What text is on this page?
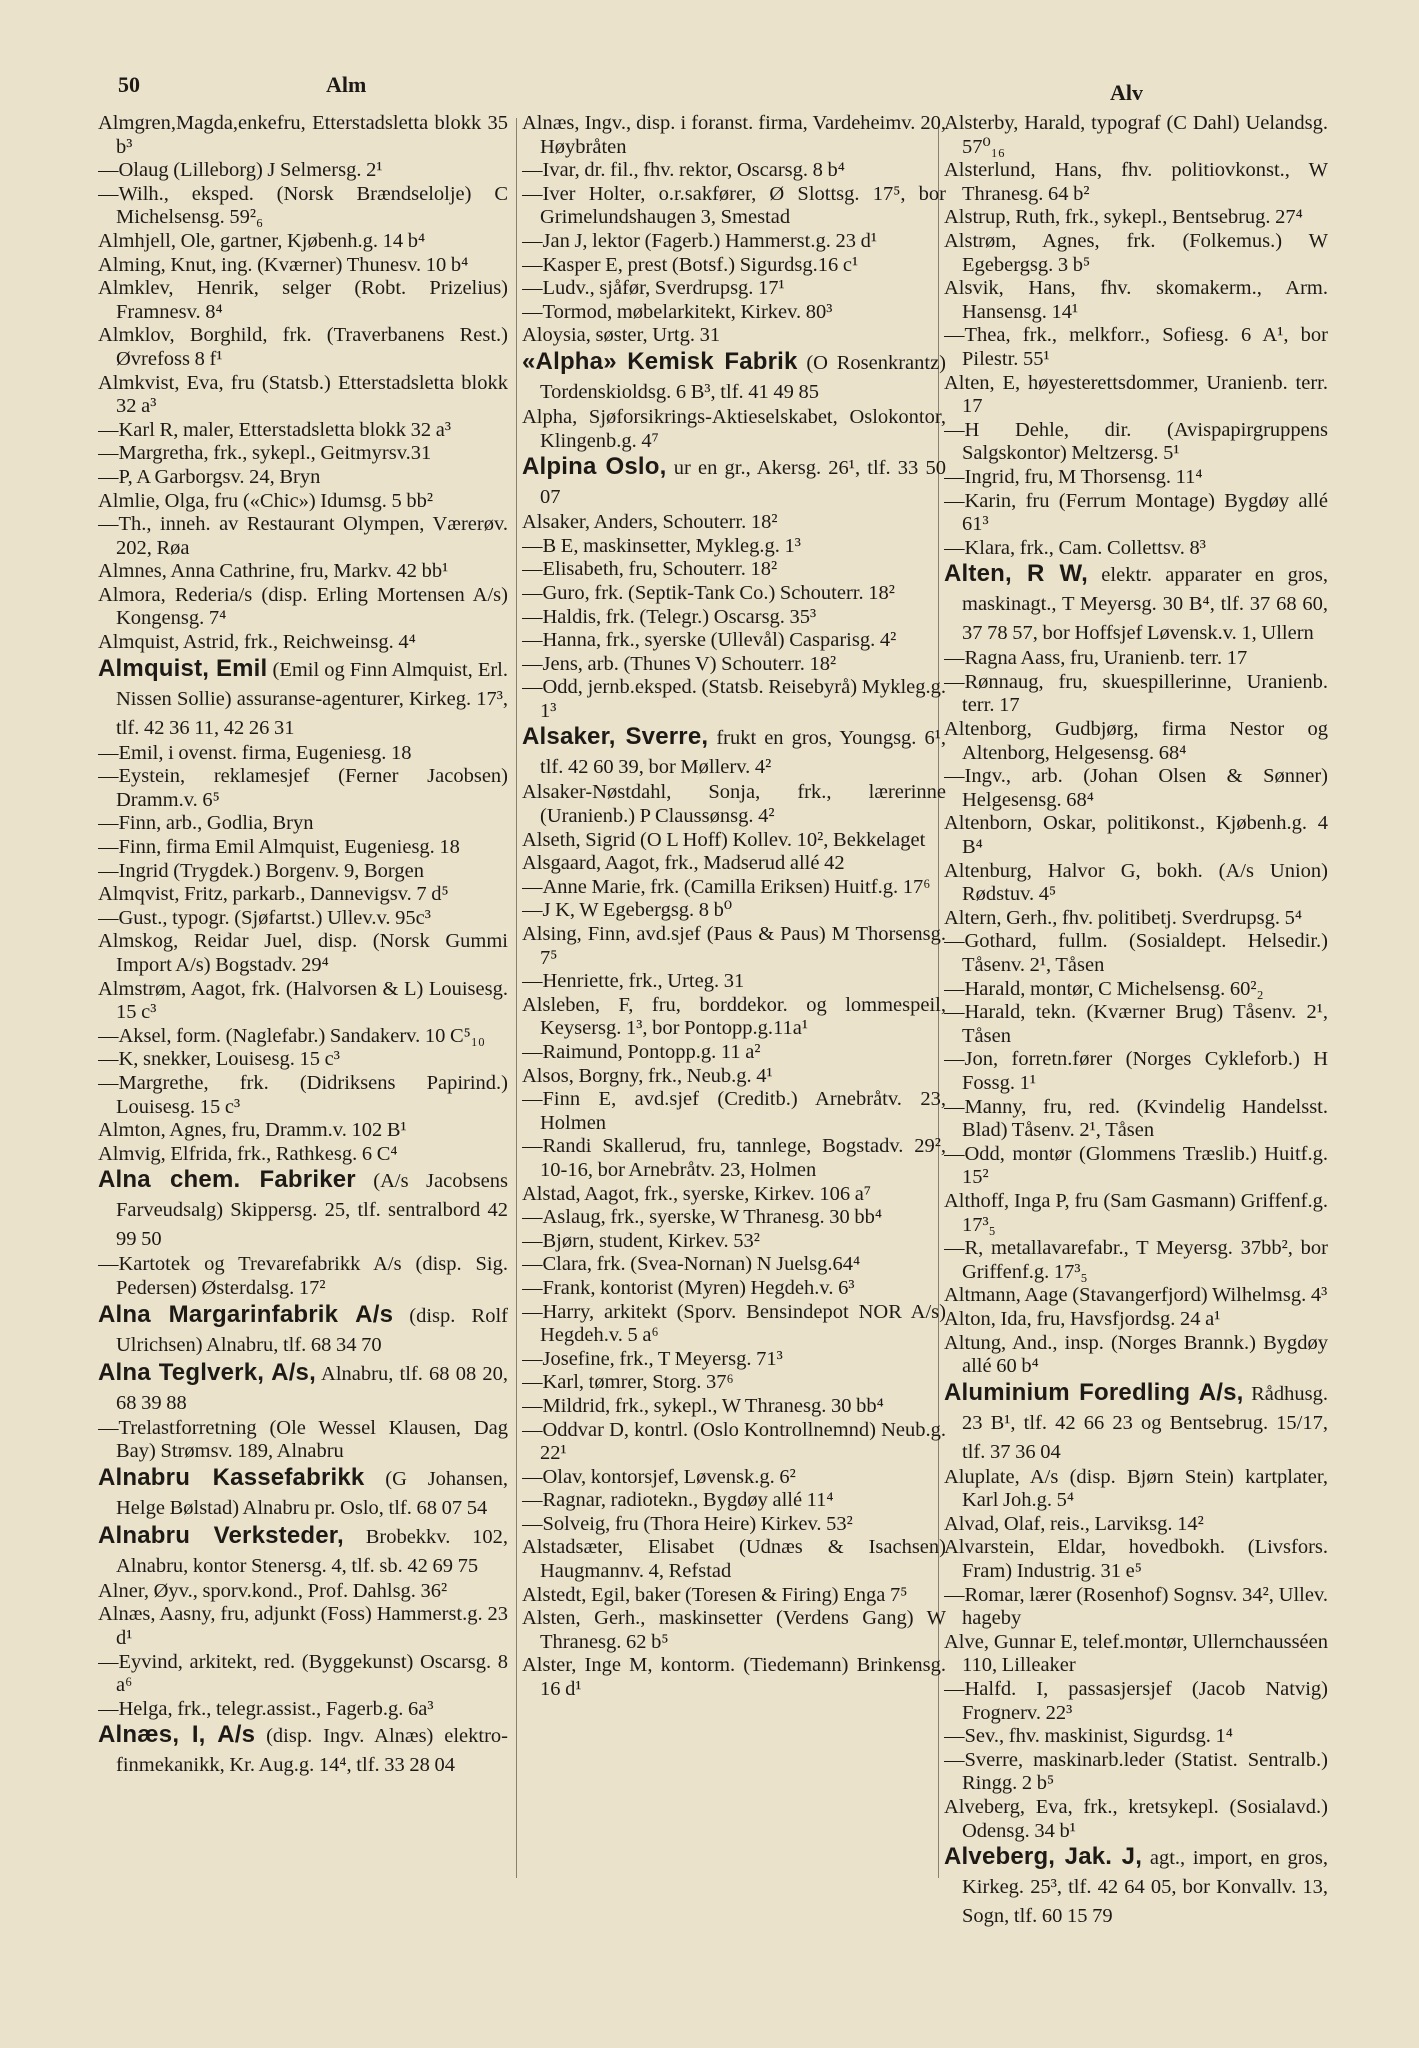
50	Alm	Alv

Almgren,Magda,enkefru, Etterstadsletta blokk 35 b³

—Olaug (Lilleborg) J Selmersg. 2¹

—Wilh., eksped. (Norsk Brændselolje) C Michelsensg. 59²₆

Almhjell, Ole, gartner, Kjøbenh.g. 14 b⁴

Alming, Knut, ing. (Kværner) Thunesv. 10 b⁴

Almklev, Henrik, selger (Robt. Prizelius) Framnesv. 8⁴

Almklov, Borghild, frk. (Traverbanens Rest.) Øvrefoss 8 f¹

Almkvist, Eva, fru (Statsb.) Etterstadsletta blokk 32 a³

—Karl R, maler, Etterstadsletta blokk 32 a³

—Margretha, frk., sykepl., Geitmyrsv.31

—P, A Garborgsv. 24, Bryn

Almlie, Olga, fru («Chic») Idumsg. 5 bb²

—Th., inneh. av Restaurant Olympen, Værerøv. 202, Røa

Almnes, Anna Cathrine, fru, Markv. 42 bb¹

Almora, Rederia/s (disp. Erling Mortensen A/s) Kongensg. 7⁴

Almquist, Astrid, frk., Reichweinsg. 4⁴

Almquist, Emil (Emil og Finn Almquist, Erl. Nissen Sollie) assuranse-agenturer, Kirkeg. 17³, tlf. 42 36 11, 42 26 31

—Emil, i ovenst. firma, Eugeniesg. 18

—Eystein, reklamesjef (Ferner Jacobsen) Dramm.v. 6⁵

—Finn, arb., Godlia, Bryn

—Finn, firma Emil Almquist, Eugeniesg. 18

—Ingrid (Trygdek.) Borgenv. 9, Borgen

Almqvist, Fritz, parkarb., Dannevigsv. 7 d⁵

—Gust., typogr. (Sjøfartst.) Ullev.v. 95c³

Almskog, Reidar Juel, disp. (Norsk Gummi Import A/s) Bogstadv. 29⁴

Almstrøm, Aagot, frk. (Halvorsen & L) Louisesg. 15 c³

—Aksel, form. (Naglefabr.) Sandakerv. 10 C⁵₁₀

—K, snekker, Louisesg. 15 c³

—Margrethe, frk. (Didriksens Papirind.) Louisesg. 15 c³

Almton, Agnes, fru, Dramm.v. 102 B¹

Almvig, Elfrida, frk., Rathkesg. 6 C⁴

Alna chem. Fabriker (A/s Jacobsens Farveudsalg) Skippersg. 25, tlf. sentralbord 42 99 50

—Kartotek og Trevarefabrikk A/s (disp. Sig. Pedersen) Østerdalsg. 17²

Alna Margarinfabrik A/s (disp. Rolf Ulrichsen) Alnabru, tlf. 68 34 70

Alna Teglverk, A/s, Alnabru, tlf. 68 08 20, 68 39 88

—Trelastforretning (Ole Wessel Klausen, Dag Bay) Strømsv. 189, Alnabru

Alnabru Kassefabrikk (G Johansen, Helge Bølstad) Alnabru pr. Oslo, tlf. 68 07 54

Alnabru Verksteder, Brobekkv. 102, Alnabru, kontor Stenersg. 4, tlf. sb. 42 69 75

Alner, Øyv., sporv.kond., Prof. Dahlsg. 36²

Alnæs, Aasny, fru, adjunkt (Foss) Hammerst.g. 23 d¹

—Eyvind, arkitekt, red. (Byggekunst) Oscarsg. 8 a⁶

—Helga, frk., telegr.assist., Fagerb.g. 6a³

Alnæs, I, A/s (disp. Ingv. Alnæs) elektro-finmekanikk, Kr. Aug.g. 14⁴, tlf. 33 28 04

Alnæs, Ingv., disp. i foranst. firma, Vardeheimv. 20, Høybråten

—Ivar, dr. fil., fhv. rektor, Oscarsg. 8 b⁴

—Iver Holter, o.r.sakfører, Ø Slottsg. 17⁵, bor Grimelundshaugen 3, Smestad

—Jan J, lektor (Fagerb.) Hammerst.g. 23 d¹

—Kasper E, prest (Botsf.) Sigurdsg.16 c¹

—Ludv., sjåfør, Sverdrupsg. 17¹

—Tormod, møbelarkitekt, Kirkev. 80³

Aloysia, søster, Urtg. 31

«Alpha» Kemisk Fabrik (O Rosenkrantz) Tordenskioldsg. 6 B³, tlf. 41 49 85

Alpha, Sjøforsikrings-Aktieselskabet, Oslokontor, Klingenb.g. 4⁷

Alpina Oslo, ur en gr., Akersg. 26¹, tlf. 33 50 07

Alsaker, Anders, Schouterr. 18²

—B E, maskinsetter, Mykleg.g. 1³

—Elisabeth, fru, Schouterr. 18²

—Guro, frk. (Septik-Tank Co.) Schouterr. 18²

—Haldis, frk. (Telegr.) Oscarsg. 35³

—Hanna, frk., syerske (Ullevål) Casparisg. 4²

—Jens, arb. (Thunes V) Schouterr. 18²

—Odd, jernb.eksped. (Statsb. Reisebyrå) Mykleg.g. 1³

Alsaker, Sverre, frukt en gros, Youngsg. 6¹, tlf. 42 60 39, bor Møllerv. 4²

Alsaker-Nøstdahl, Sonja, frk., lærerinne (Uranienb.) P Claussønsg. 4²

Alseth, Sigrid (O L Hoff) Kollev. 10², Bekkelaget

Alsgaard, Aagot, frk., Madserud allé 42

—Anne Marie, frk. (Camilla Eriksen) Huitf.g. 17⁶

—J K, W Egebergsg. 8 b⁰

Alsing, Finn, avd.sjef (Paus & Paus) M Thorsensg. 7⁵

—Henriette, frk., Urteg. 31

Alsleben, F, fru, borddekor. og lommespeil, Keysersg. 1³, bor Pontopp.g.11a¹

—Raimund, Pontopp.g. 11 a²

Alsos, Borgny, frk., Neub.g. 4¹

—Finn E, avd.sjef (Creditb.) Arnebråtv. 23, Holmen

—Randi Skallerud, fru, tannlege, Bogstadv. 29², 10-16, bor Arnebråtv. 23, Holmen

Alstad, Aagot, frk., syerske, Kirkev. 106 a⁷

—Aslaug, frk., syerske, W Thranesg. 30 bb⁴

—Bjørn, student, Kirkev. 53²

—Clara, frk. (Svea-Nornan) N Juelsg.64⁴

—Frank, kontorist (Myren) Hegdeh.v. 6³

—Harry, arkitekt (Sporv. Bensindepot NOR A/s) Hegdeh.v. 5 a⁶

—Josefine, frk., T Meyersg. 71³

—Karl, tømrer, Storg. 37⁶

—Mildrid, frk., sykepl., W Thranesg. 30 bb⁴

—Oddvar D, kontrl. (Oslo Kontrollnemnd) Neub.g. 22¹

—Olav, kontorsjef, Løvensk.g. 6²

—Ragnar, radiotekn., Bygdøy allé 11⁴

—Solveig, fru (Thora Heire) Kirkev. 53²

Alstadsæter, Elisabet (Udnæs & Isachsen) Haugmannv. 4, Refstad

Alstedt, Egil, baker (Toresen & Firing) Enga 7⁵

Alsten, Gerh., maskinsetter (Verdens Gang) W Thranesg. 62 b⁵

Alster, Inge M, kontorm. (Tiedemann) Brinkensg. 16 d¹

Alsterby, Harald, typograf (C Dahl) Uelandsg. 57⁰₁₆

Alsterlund, Hans, fhv. politiovkonst., W Thranesg. 64 b²

Alstrup, Ruth, frk., sykepl., Bentsebrug. 27⁴

Alstrøm, Agnes, frk. (Folkemus.) W Egebergsg. 3 b⁵

Alsvik, Hans, fhv. skomakerm., Arm. Hansensg. 14¹

—Thea, frk., melkforr., Sofiesg. 6 A¹, bor Pilestr. 55¹

Alten, E, høyesterettsdommer, Uranienb. terr. 17

—H Dehle, dir. (Avispapirgruppens Salgskontor) Meltzersg. 5¹

—Ingrid, fru, M Thorsensg. 11⁴

—Karin, fru (Ferrum Montage) Bygdøy allé 61³

—Klara, frk., Cam. Collettsv. 8³

Alten, R W, elektr. apparater en gros, maskinagt., T Meyersg. 30 B⁴, tlf. 37 68 60, 37 78 57, bor Hoffsjef Løvensk.v. 1, Ullern

—Ragna Aass, fru, Uranienb. terr. 17

—Rønnaug, fru, skuespillerinne, Uranienb. terr. 17

Altenborg, Gudbjørg, firma Nestor og Altenborg, Helgesensg. 68⁴

—Ingv., arb. (Johan Olsen & Sønner) Helgesensg. 68⁴

Altenborn, Oskar, politikonst., Kjøbenh.g. 4 B⁴

Altenburg, Halvor G, bokh. (A/s Union) Rødstuv. 4⁵

Altern, Gerh., fhv. politibetj. Sverdrupsg. 5⁴

—Gothard, fullm. (Sosialdept. Helsedir.) Tåsenv. 2¹, Tåsen

—Harald, montør, C Michelsensg. 60²₂

—Harald, tekn. (Kværner Brug) Tåsenv. 2¹, Tåsen

—Jon, forretn.fører (Norges Cykleforb.) H Fossg. 1¹

—Manny, fru, red. (Kvindelig Handelsst. Blad) Tåsenv. 2¹, Tåsen

—Odd, montør (Glommens Træslib.) Huitf.g. 15²

Althoff, Inga P, fru (Sam Gasmann) Griffenf.g. 17³₅

—R, metallavarefabr., T Meyersg. 37bb², bor Griffenf.g. 17³₅

Altmann, Aage (Stavangerfjord) Wilhelmsg. 4³

Alton, Ida, fru, Havsfjordsg. 24 a¹

Altung, And., insp. (Norges Brannk.) Bygdøy allé 60 b⁴

Aluminium Foredling A/s, Rådhusg. 23 B¹, tlf. 42 66 23 og Bentsebrug. 15/17, tlf. 37 36 04

Aluplate, A/s (disp. Bjørn Stein) kartplater, Karl Joh.g. 5⁴

Alvad, Olaf, reis., Larviksg. 14²

Alvarstein, Eldar, hovedbokh. (Livsfors. Fram) Industrig. 31 e⁵

—Romar, lærer (Rosenhof) Sognsv. 34², Ullev. hageby

Alve, Gunnar E, telef.montør, Ullernchausséen 110, Lilleaker

—Halfd. I, passasjersjef (Jacob Natvig) Frognerv. 22³

—Sev., fhv. maskinist, Sigurdsg. 1⁴

—Sverre, maskinarb.leder (Statist. Sentralb.) Ringg. 2 b⁵

Alveberg, Eva, frk., kretsykepl. (Sosialavd.) Odensg. 34 b¹

Alveberg, Jak. J, agt., import, en gros, Kirkeg. 25³, tlf. 42 64 05, bor Konvallv. 13, Sogn, tlf. 60 15 79
